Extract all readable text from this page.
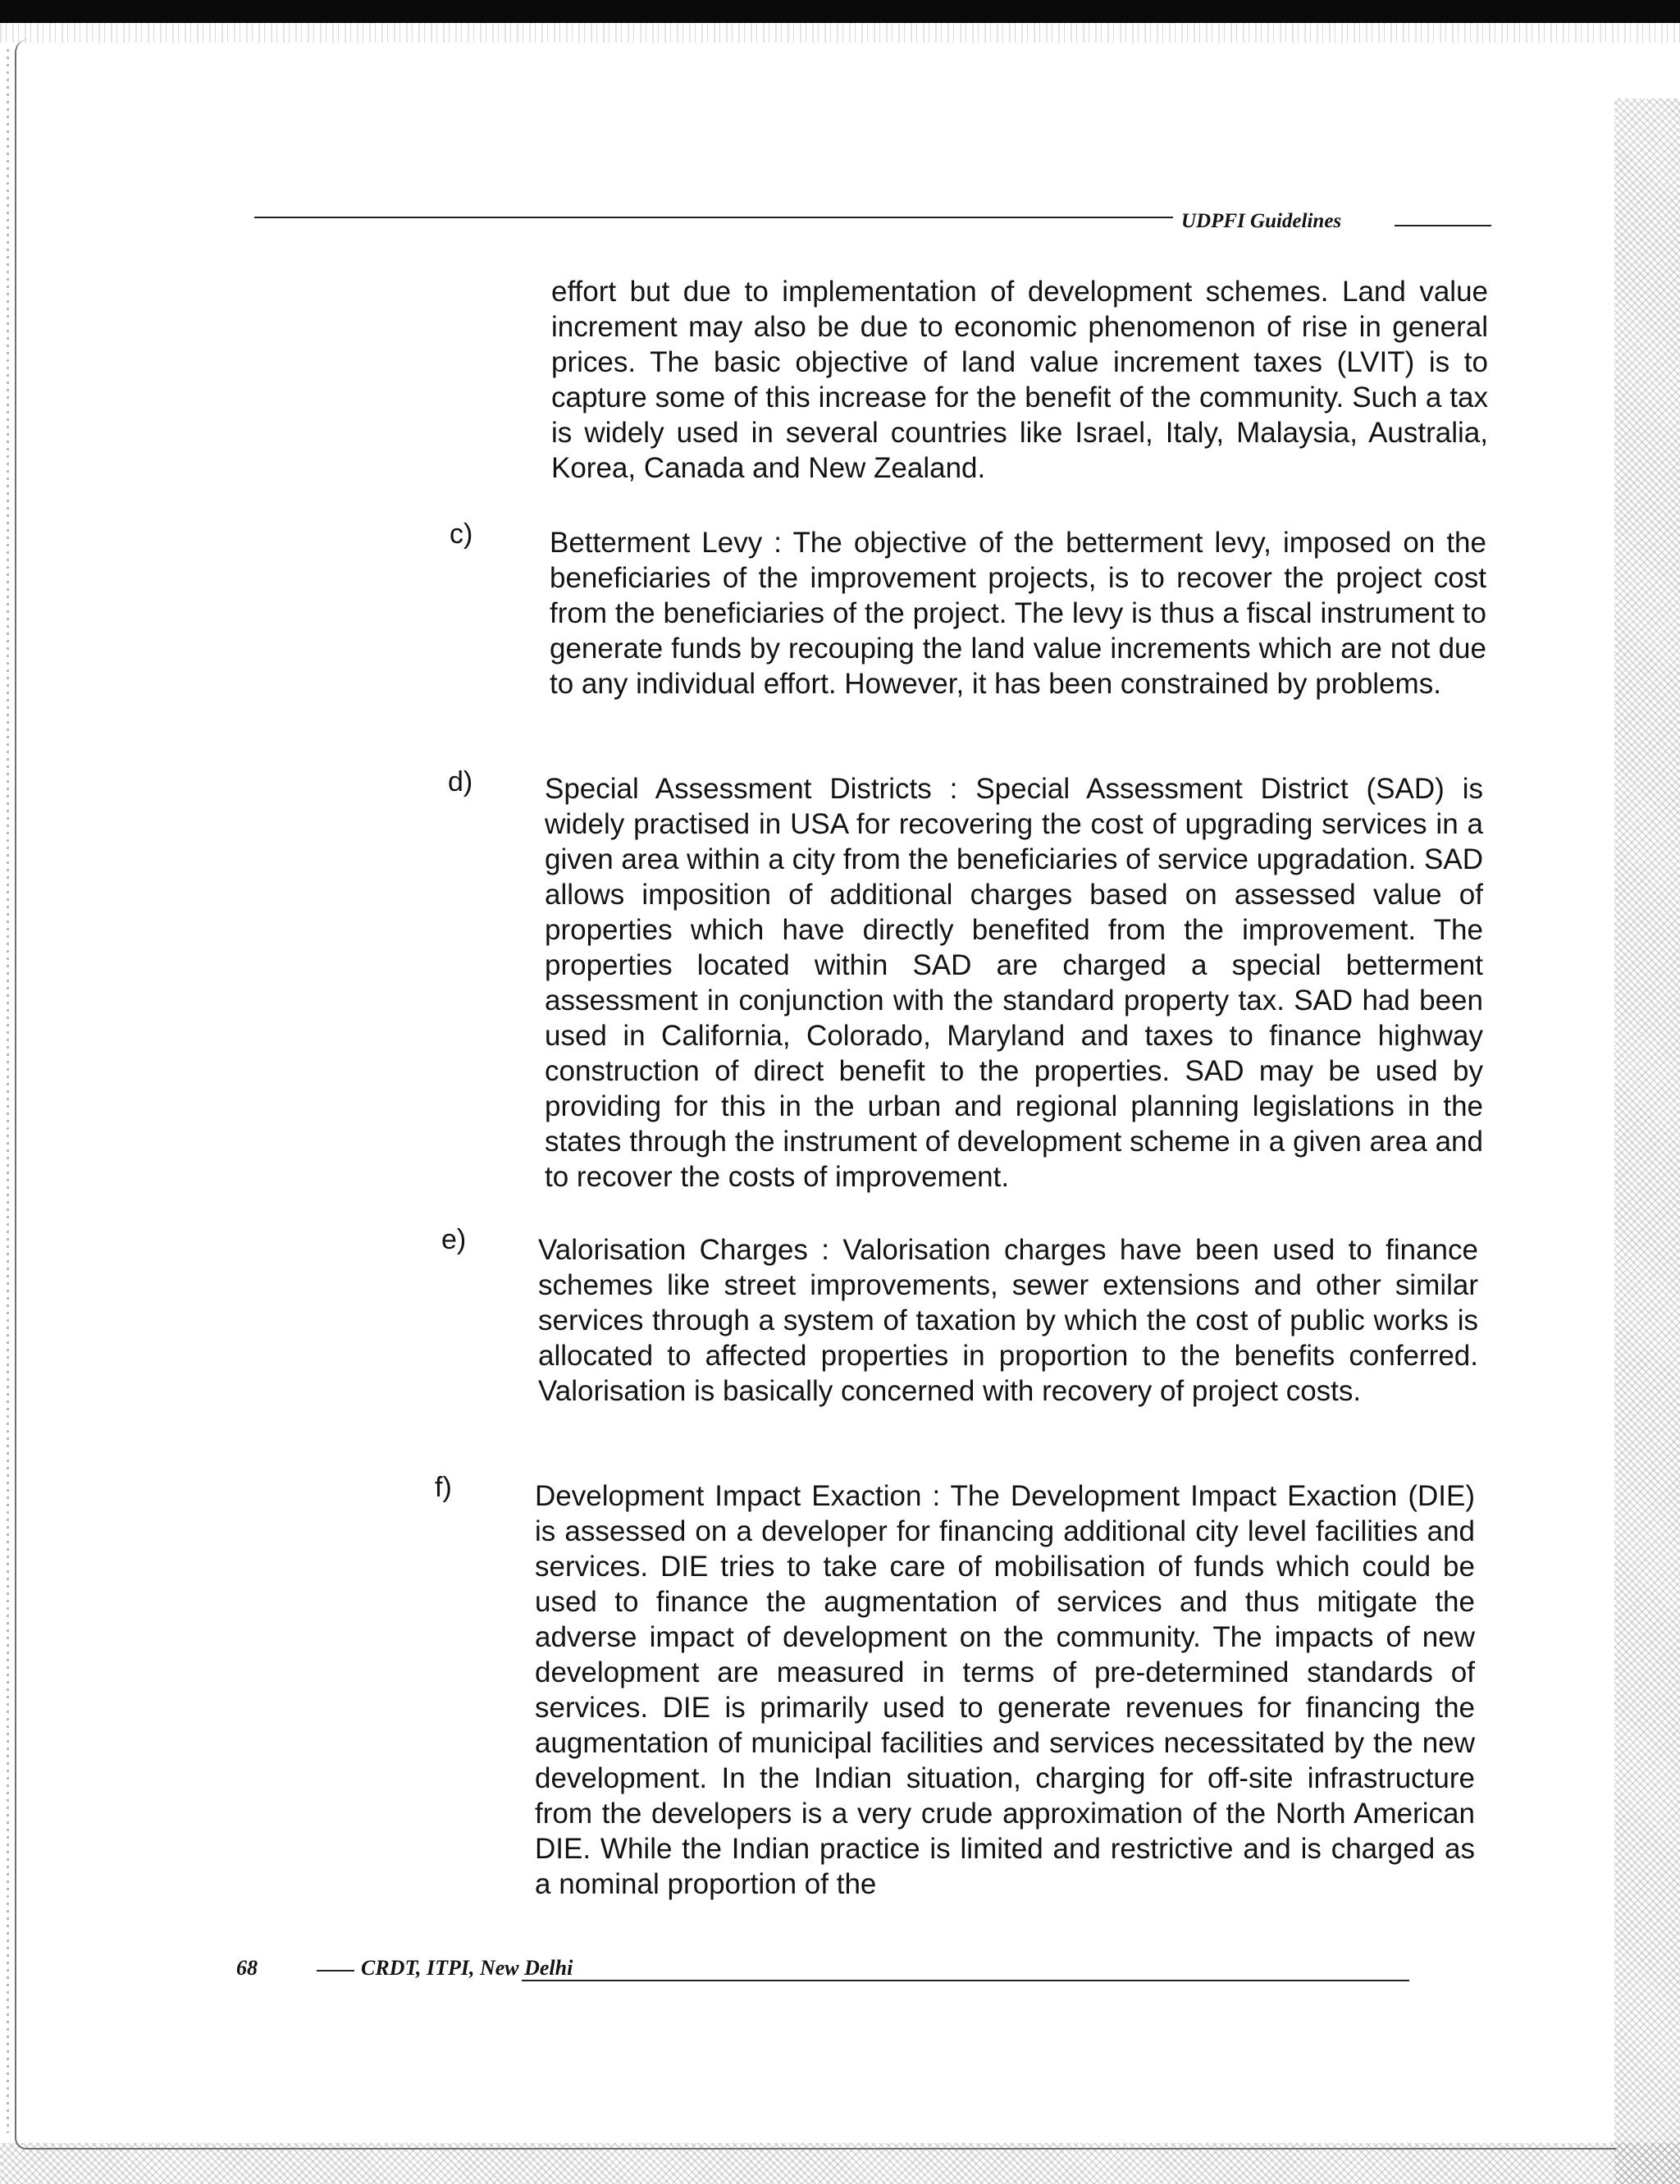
UDPFI Guidelines
effort but due to implementation of development schemes. Land value increment may also be due to economic phenomenon of rise in general prices. The basic objective of land value increment taxes (LVIT) is to capture some of this increase for the benefit of the community. Such a tax is widely used in several countries like Israel, Italy, Malaysia, Australia, Korea, Canada and New Zealand.
c)	Betterment Levy : The objective of the betterment levy, imposed on the beneficiaries of the improvement projects, is to recover the project cost from the beneficiaries of the project. The levy is thus a fiscal instrument to generate funds by recouping the land value increments which are not due to any individual effort. However, it has been constrained by problems.
d)	Special Assessment Districts : Special Assessment District (SAD) is widely practised in USA for recovering the cost of upgrading services in a given area within a city from the beneficiaries of service upgradation. SAD allows imposition of additional charges based on assessed value of properties which have directly benefited from the improvement. The properties located within SAD are charged a special betterment assessment in conjunction with the standard property tax. SAD had been used in California, Colorado, Maryland and taxes to finance highway construction of direct benefit to the properties. SAD may be used by providing for this in the urban and regional planning legislations in the states through the instrument of development scheme in a given area and to recover the costs of improvement.
e)	Valorisation Charges : Valorisation charges have been used to finance schemes like street improvements, sewer extensions and other similar services through a system of taxation by which the cost of public works is allocated to affected properties in proportion to the benefits conferred. Valorisation is basically concerned with recovery of project costs.
f)	Development Impact Exaction : The Development Impact Exaction (DIE) is assessed on a developer for financing additional city level facilities and services. DIE tries to take care of mobilisation of funds which could be used to finance the augmentation of services and thus mitigate the adverse impact of development on the community. The impacts of new development are measured in terms of pre-determined standards of services. DIE is primarily used to generate revenues for financing the augmentation of municipal facilities and services necessitated by the new development. In the Indian situation, charging for off-site infrastructure from the developers is a very crude approximation of the North American DIE. While the Indian practice is limited and restrictive and is charged as a nominal proportion of the
68	CRDT, ITPI, New Delhi
